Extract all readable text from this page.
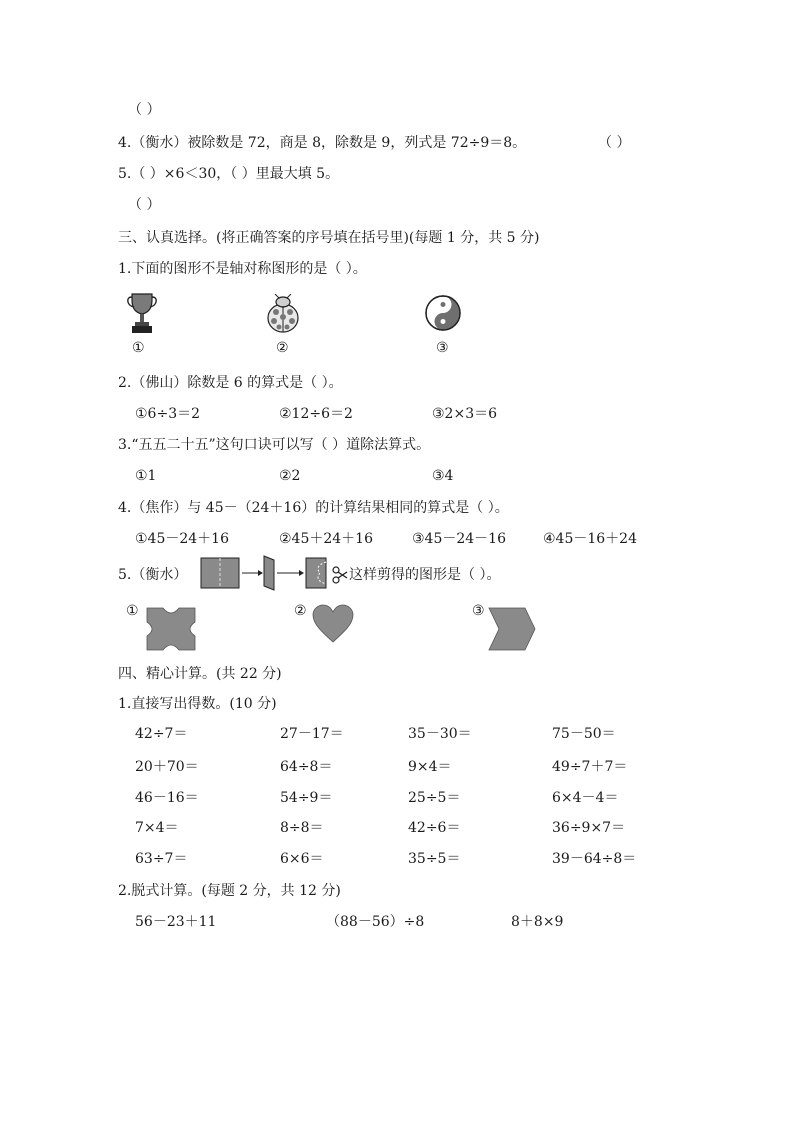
（ ）
4.（衡水）被除数是 72，商是 8，除数是 9，列式是 72÷9＝8。	（ ）
5.（ ）×6＜30，（ ）里最大填 5。
（ ）
三、认真选择。(将正确答案的序号填在括号里)(每题 1 分，共 5 分)
1.下面的图形不是轴对称图形的是（ ）。
①	②	③
2.（佛山）除数是 6 的算式是（ ）。
①6÷3＝2	②12÷6＝2	③2×3＝6
3.“五五二十五”这句口诀可以写（ ）道除法算式。
①1	②2	③4
4.（焦作）与 45－（24＋16）的计算结果相同的算式是（ ）。
①45－24＋16	②45＋24＋16	③45－24－16	④45－16＋24
5.（衡水）	这样剪得的图形是（ ）。
①	②	③
四、精心计算。(共 22 分)
1.直接写出得数。(10 分)
42÷7＝	27－17＝	35－30＝	75－50＝
20＋70＝	64÷8＝	9×4＝	49÷7＋7＝
46－16＝	54÷9＝	25÷5＝	6×4－4＝
7×4＝	8÷8＝	42÷6＝	36÷9×7＝
63÷7＝	6×6＝	35÷5＝	39－64÷8＝
2.脱式计算。(每题 2 分，共 12 分)
56－23＋11	（88－56）÷8	8＋8×9
